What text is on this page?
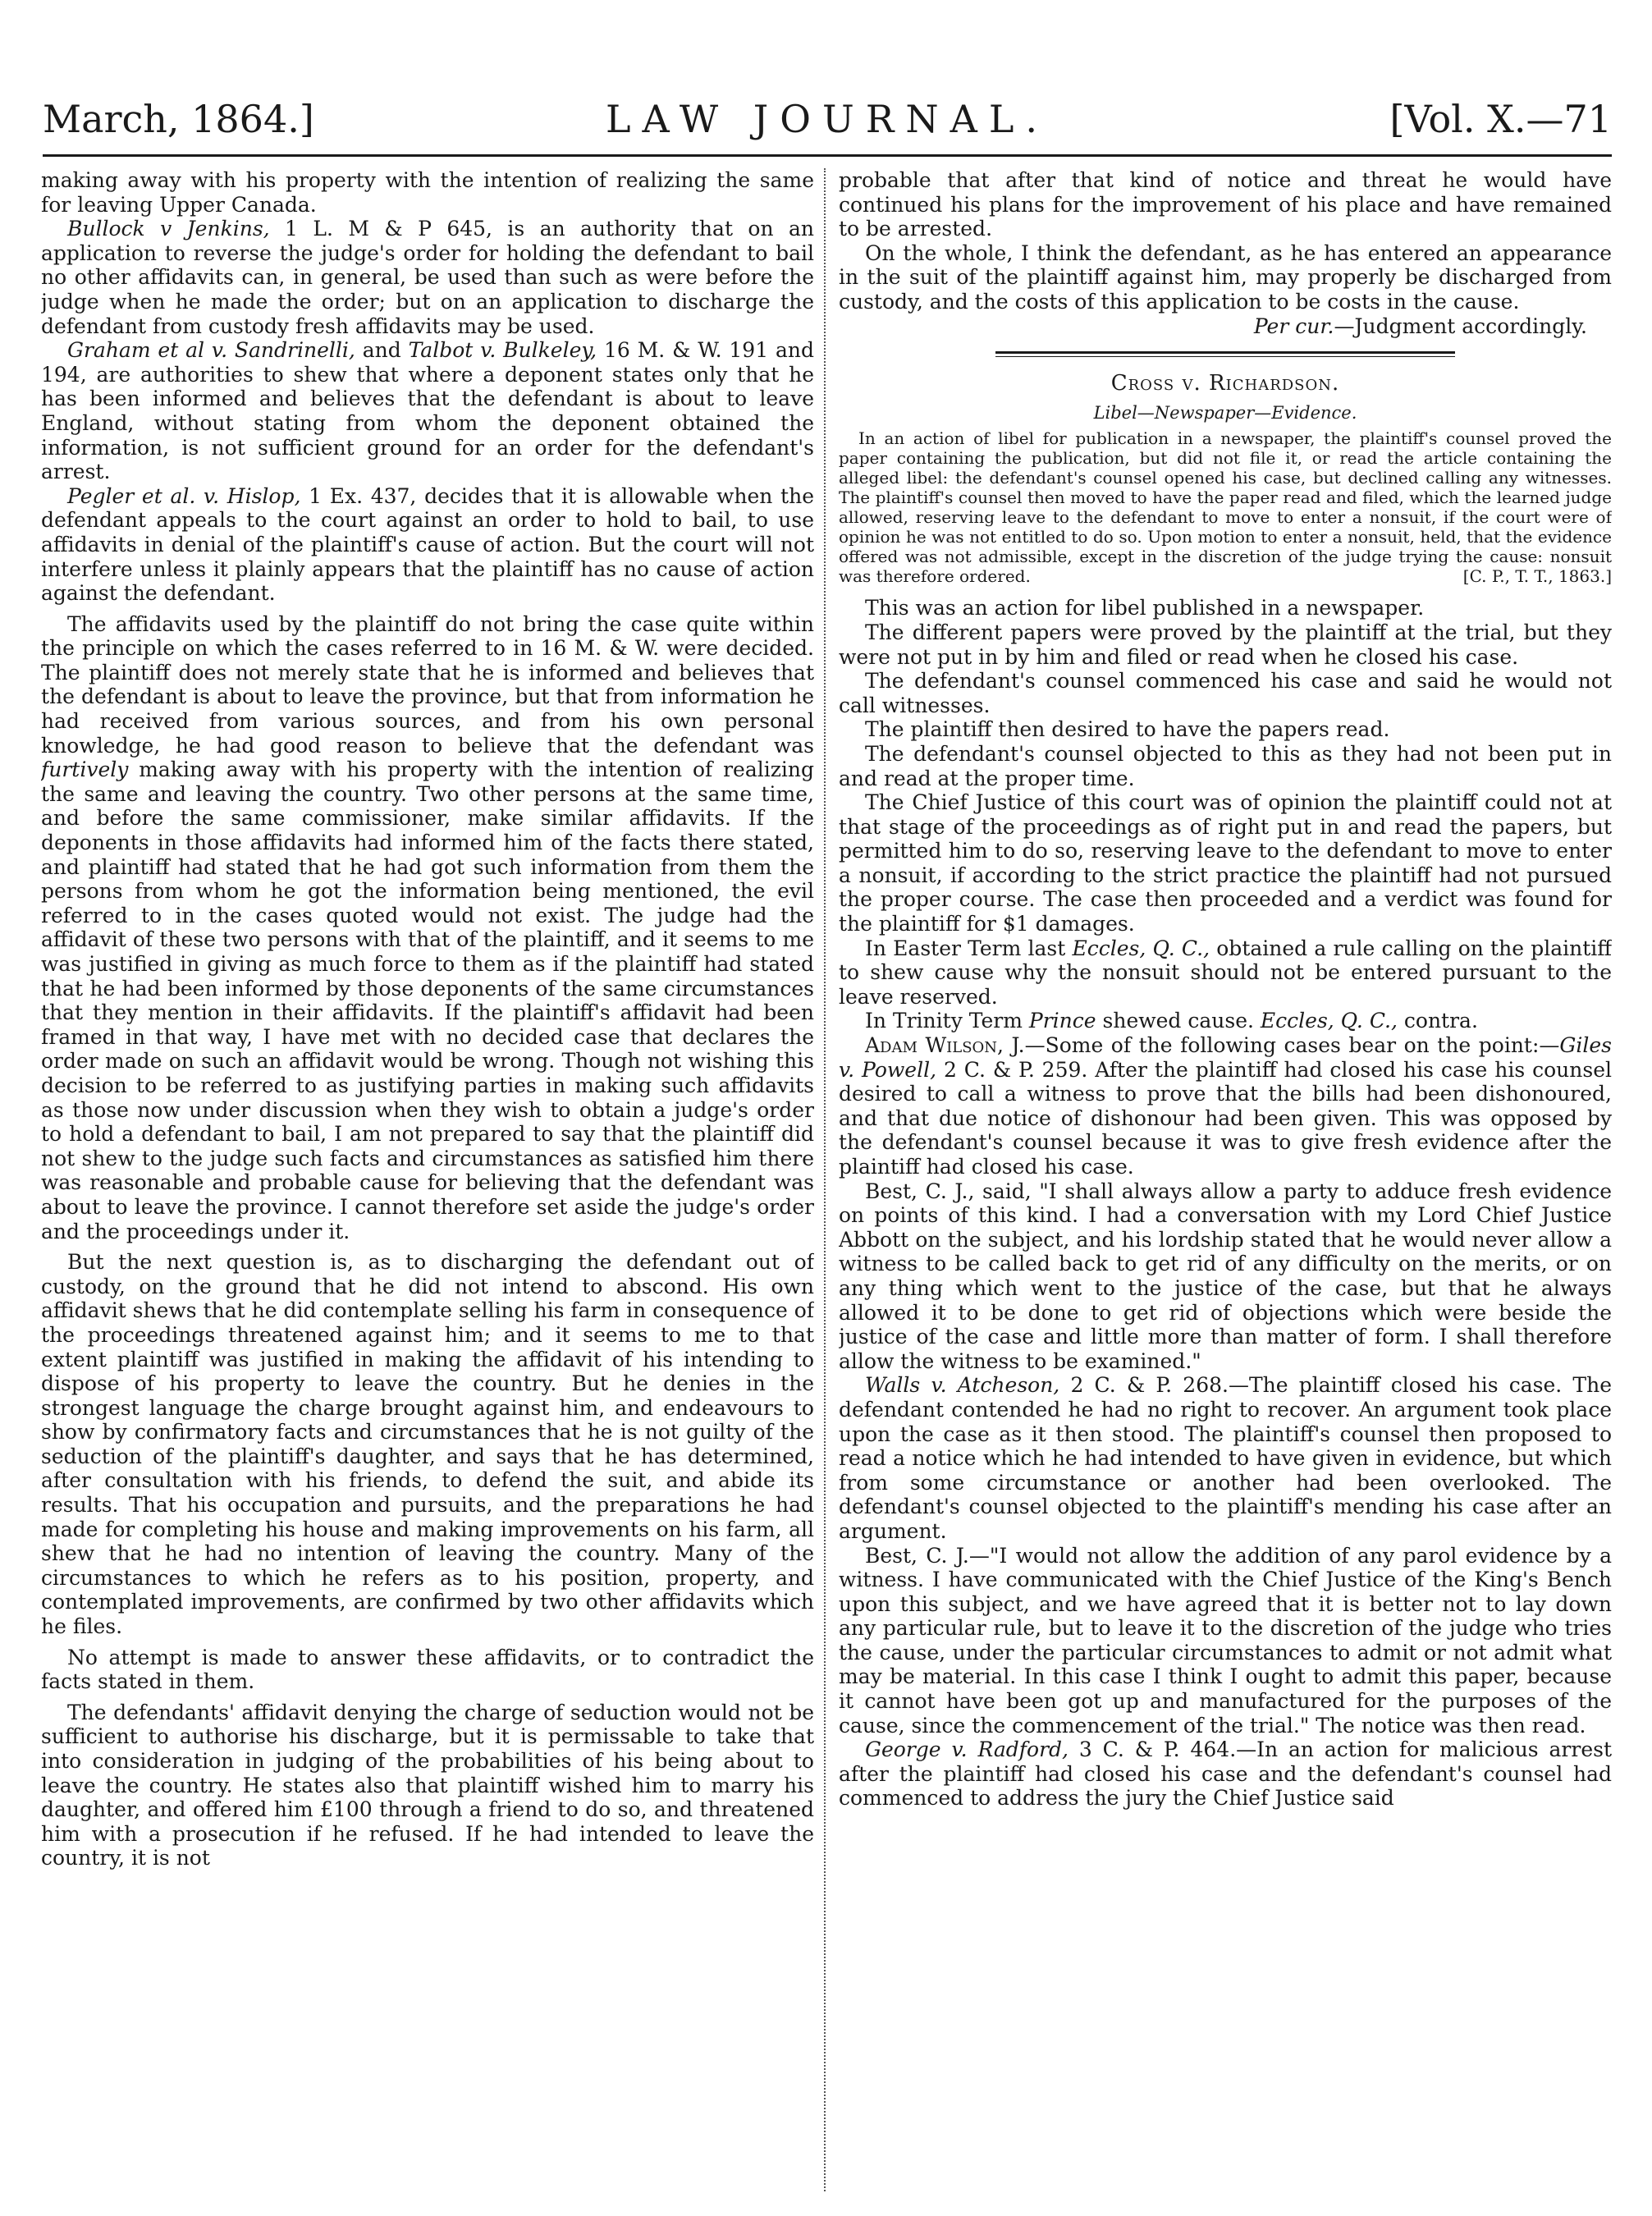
March, 1864.]	LAW JOURNAL.	[Vol. X.—71

making away with his property with the intention of realizing the same for leaving Upper Canada.

Bullock v Jenkins, 1 L. M & P 645, is an authority that on an application to reverse the judge's order for holding the defendant to bail no other affidavits can, in general, be used than such as were before the judge when he made the order; but on an application to discharge the defendant from custody fresh affidavits may be used.

Graham et al v. Sandrinelli, and Talbot v. Bulkeley, 16 M. & W. 191 and 194, are authorities to shew that where a deponent states only that he has been informed and believes that the defendant is about to leave England, without stating from whom the deponent obtained the information, is not sufficient ground for an order for the defendant's arrest.

Pegler et al. v. Hislop, 1 Ex. 437, decides that it is allowable when the defendant appeals to the court against an order to hold to bail, to use affidavits in denial of the plaintiff's cause of action. But the court will not interfere unless it plainly appears that the plaintiff has no cause of action against the defendant.

The affidavits used by the plaintiff do not bring the case quite within the principle on which the cases referred to in 16 M. & W. were decided. The plaintiff does not merely state that he is informed and believes that the defendant is about to leave the province, but that from information he had received from various sources, and from his own personal knowledge, he had good reason to believe that the defendant was furtively making away with his property with the intention of realizing the same and leaving the country. Two other persons at the same time, and before the same commissioner, make similar affidavits. If the deponents in those affidavits had informed him of the facts there stated, and plaintiff had stated that he had got such information from them the persons from whom he got the information being mentioned, the evil referred to in the cases quoted would not exist. The judge had the affidavit of these two persons with that of the plaintiff, and it seems to me was justified in giving as much force to them as if the plaintiff had stated that he had been informed by those deponents of the same circumstances that they mention in their affidavits. If the plaintiff's affidavit had been framed in that way, I have met with no decided case that declares the order made on such an affidavit would be wrong. Though not wishing this decision to be referred to as justifying parties in making such affidavits as those now under discussion when they wish to obtain a judge's order to hold a defendant to bail, I am not prepared to say that the plaintiff did not shew to the judge such facts and circumstances as satisfied him there was reasonable and probable cause for believing that the defendant was about to leave the province. I cannot therefore set aside the judge's order and the proceedings under it.

But the next question is, as to discharging the defendant out of custody, on the ground that he did not intend to abscond. His own affidavit shews that he did contemplate selling his farm in consequence of the proceedings threatened against him; and it seems to me to that extent plaintiff was justified in making the affidavit of his intending to dispose of his property to leave the country. But he denies in the strongest language the charge brought against him, and endeavours to show by confirmatory facts and circumstances that he is not guilty of the seduction of the plaintiff's daughter, and says that he has determined, after consultation with his friends, to defend the suit, and abide its results. That his occupation and pursuits, and the preparations he had made for completing his house and making improvements on his farm, all shew that he had no intention of leaving the country. Many of the circumstances to which he refers as to his position, property, and contemplated improvements, are confirmed by two other affidavits which he files.

No attempt is made to answer these affidavits, or to contradict the facts stated in them.

The defendants' affidavit denying the charge of seduction would not be sufficient to authorise his discharge, but it is permissable to take that into consideration in judging of the probabilities of his being about to leave the country. He states also that plaintiff wished him to marry his daughter, and offered him £100 through a friend to do so, and threatened him with a prosecution if he refused. If he had intended to leave the country, it is not

probable that after that kind of notice and threat he would have continued his plans for the improvement of his place and have remained to be arrested.

On the whole, I think the defendant, as he has entered an appearance in the suit of the plaintiff against him, may properly be discharged from custody, and the costs of this application to be costs in the cause.

Per cur.—Judgment accordingly.

Cross v. Richardson.

Libel—Newspaper—Evidence.

In an action of libel for publication in a newspaper, the plaintiff's counsel proved the paper containing the publication, but did not file it, or read the article containing the alleged libel: the defendant's counsel opened his case, but declined calling any witnesses. The plaintiff's counsel then moved to have the paper read and filed, which the learned judge allowed, reserving leave to the defendant to move to enter a nonsuit, if the court were of opinion he was not entitled to do so. Upon motion to enter a nonsuit, held, that the evidence offered was not admissible, except in the discretion of the judge trying the cause: nonsuit was therefore ordered.	[C. P., T. T., 1863.]

This was an action for libel published in a newspaper.

The different papers were proved by the plaintiff at the trial, but they were not put in by him and filed or read when he closed his case.

The defendant's counsel commenced his case and said he would not call witnesses.

The plaintiff then desired to have the papers read.

The defendant's counsel objected to this as they had not been put in and read at the proper time.

The Chief Justice of this court was of opinion the plaintiff could not at that stage of the proceedings as of right put in and read the papers, but permitted him to do so, reserving leave to the defendant to move to enter a nonsuit, if according to the strict practice the plaintiff had not pursued the proper course. The case then proceeded and a verdict was found for the plaintiff for $1 damages.

In Easter Term last Eccles, Q. C., obtained a rule calling on the plaintiff to shew cause why the nonsuit should not be entered pursuant to the leave reserved.

In Trinity Term Prince shewed cause. Eccles, Q. C., contra.

Adam Wilson, J.—Some of the following cases bear on the point:—Giles v. Powell, 2 C. & P. 259. After the plaintiff had closed his case his counsel desired to call a witness to prove that the bills had been dishonoured, and that due notice of dishonour had been given. This was opposed by the defendant's counsel because it was to give fresh evidence after the plaintiff had closed his case.

Best, C. J., said, "I shall always allow a party to adduce fresh evidence on points of this kind. I had a conversation with my Lord Chief Justice Abbott on the subject, and his lordship stated that he would never allow a witness to be called back to get rid of any difficulty on the merits, or on any thing which went to the justice of the case, but that he always allowed it to be done to get rid of objections which were beside the justice of the case and little more than matter of form. I shall therefore allow the witness to be examined."

Walls v. Atcheson, 2 C. & P. 268.—The plaintiff closed his case. The defendant contended he had no right to recover. An argument took place upon the case as it then stood. The plaintiff's counsel then proposed to read a notice which he had intended to have given in evidence, but which from some circumstance or another had been overlooked. The defendant's counsel objected to the plaintiff's mending his case after an argument.

Best, C. J.—"I would not allow the addition of any parol evidence by a witness. I have communicated with the Chief Justice of the King's Bench upon this subject, and we have agreed that it is better not to lay down any particular rule, but to leave it to the discretion of the judge who tries the cause, under the particular circumstances to admit or not admit what may be material. In this case I think I ought to admit this paper, because it cannot have been got up and manufactured for the purposes of the cause, since the commencement of the trial." The notice was then read.

George v. Radford, 3 C. & P. 464.—In an action for malicious arrest after the plaintiff had closed his case and the defendant's counsel had commenced to address the jury the Chief Justice said
